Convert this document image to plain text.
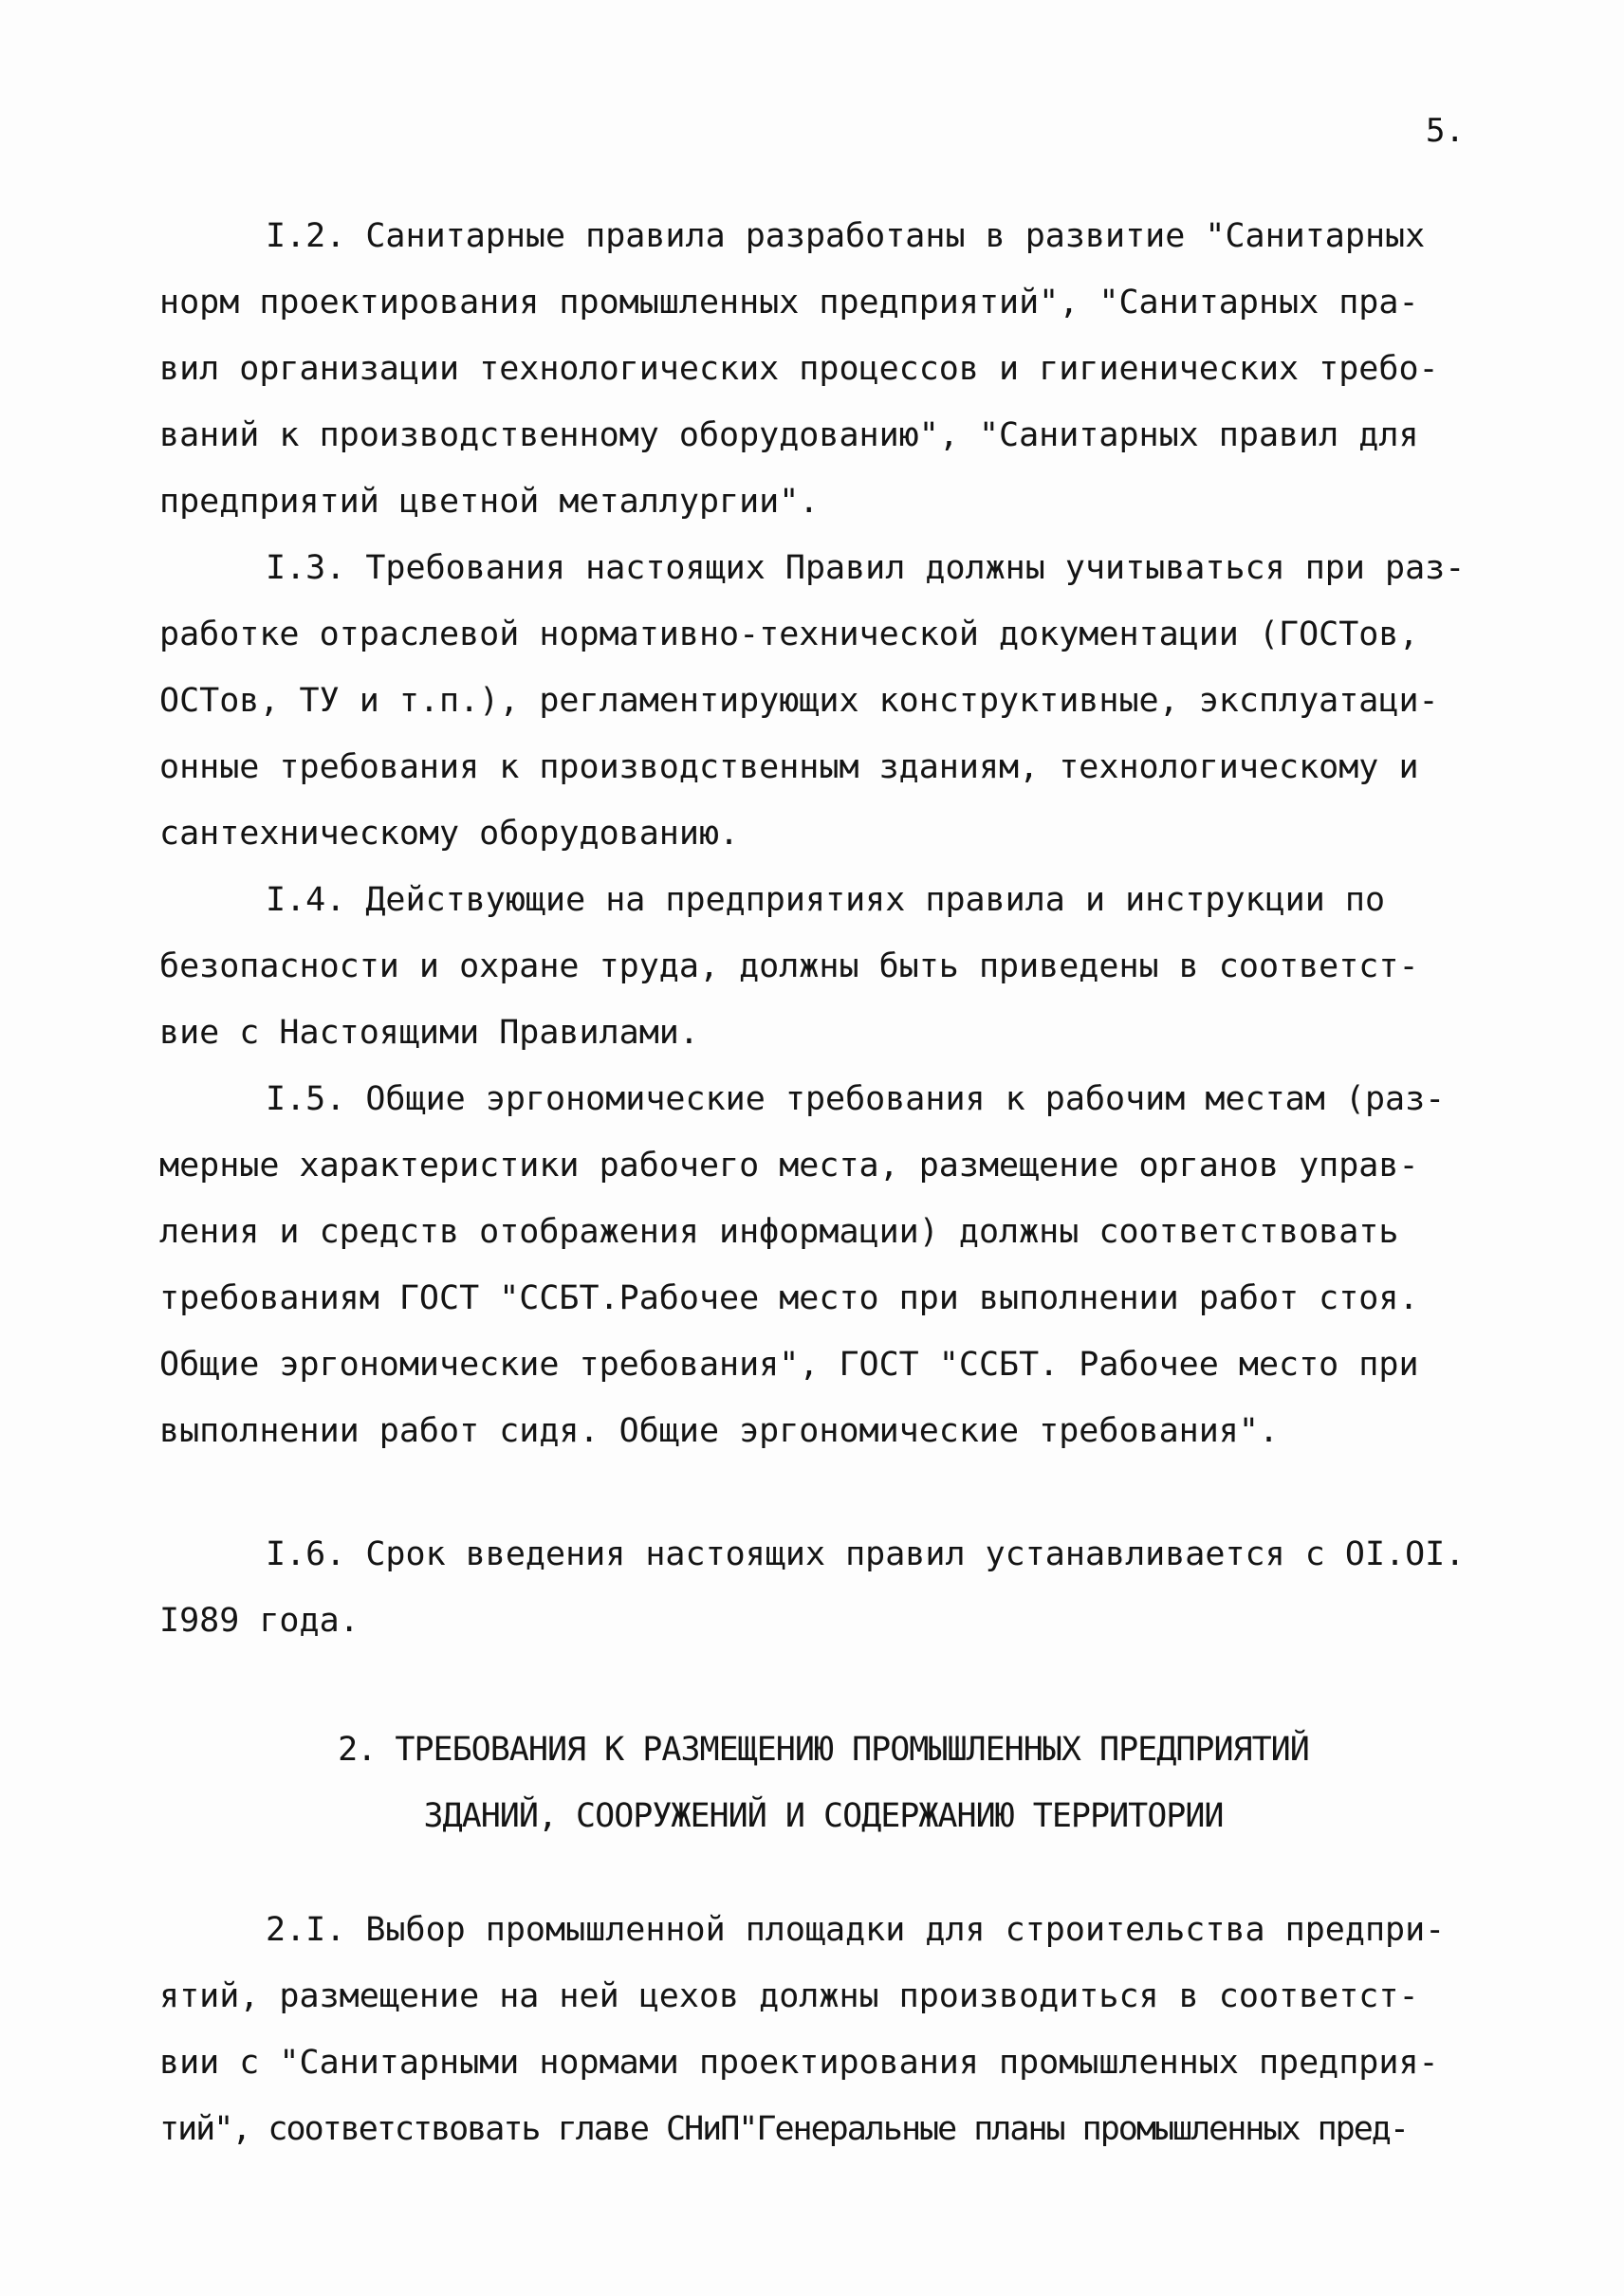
5.
I.2. Санитарные правила разработаны в развитие "Санитарных
норм проектирования промышленных предприятий", "Санитарных пра-
вил организации технологических процессов и гигиенических требо-
ваний к производственному оборудованию", "Санитарных правил для
предприятий цветной металлургии".
I.3. Требования настоящих Правил должны учитываться при раз-
работке отраслевой нормативно-технической документации (ГОСТов,
ОСТов, ТУ и т.п.), регламентирующих конструктивные, эксплуатаци-
онные требования к производственным зданиям, технологическому и
сантехническому оборудованию.
I.4. Действующие на предприятиях правила и инструкции по
безопасности и охране труда, должны быть приведены в соответст-
вие с Настоящими Правилами.
I.5. Общие эргономические требования к рабочим местам (раз-
мерные характеристики рабочего места, размещение органов управ-
ления и средств отображения информации) должны соответствовать
требованиям ГОСТ "ССБТ.Рабочее место при выполнении работ стоя.
Общие эргономические требования", ГОСТ "ССБТ. Рабочее место при
выполнении работ сидя. Общие эргономические требования".
I.6. Срок введения настоящих правил устанавливается с OI.OI.
I989 года.
2. ТРЕБОВАНИЯ К РАЗМЕЩЕНИЮ ПРОМЫШЛЕННЫХ ПРЕДПРИЯТИЙ
ЗДАНИЙ, СООРУЖЕНИЙ И СОДЕРЖАНИЮ ТЕРРИТОРИИ
2.I. Выбор промышленной площадки для строительства предпри-
ятий, размещение на ней цехов должны производиться в соответст-
вии с "Санитарными нормами проектирования промышленных предприя-
тий", соответствовать главе СНиП"Генеральные планы промышленных пред-
